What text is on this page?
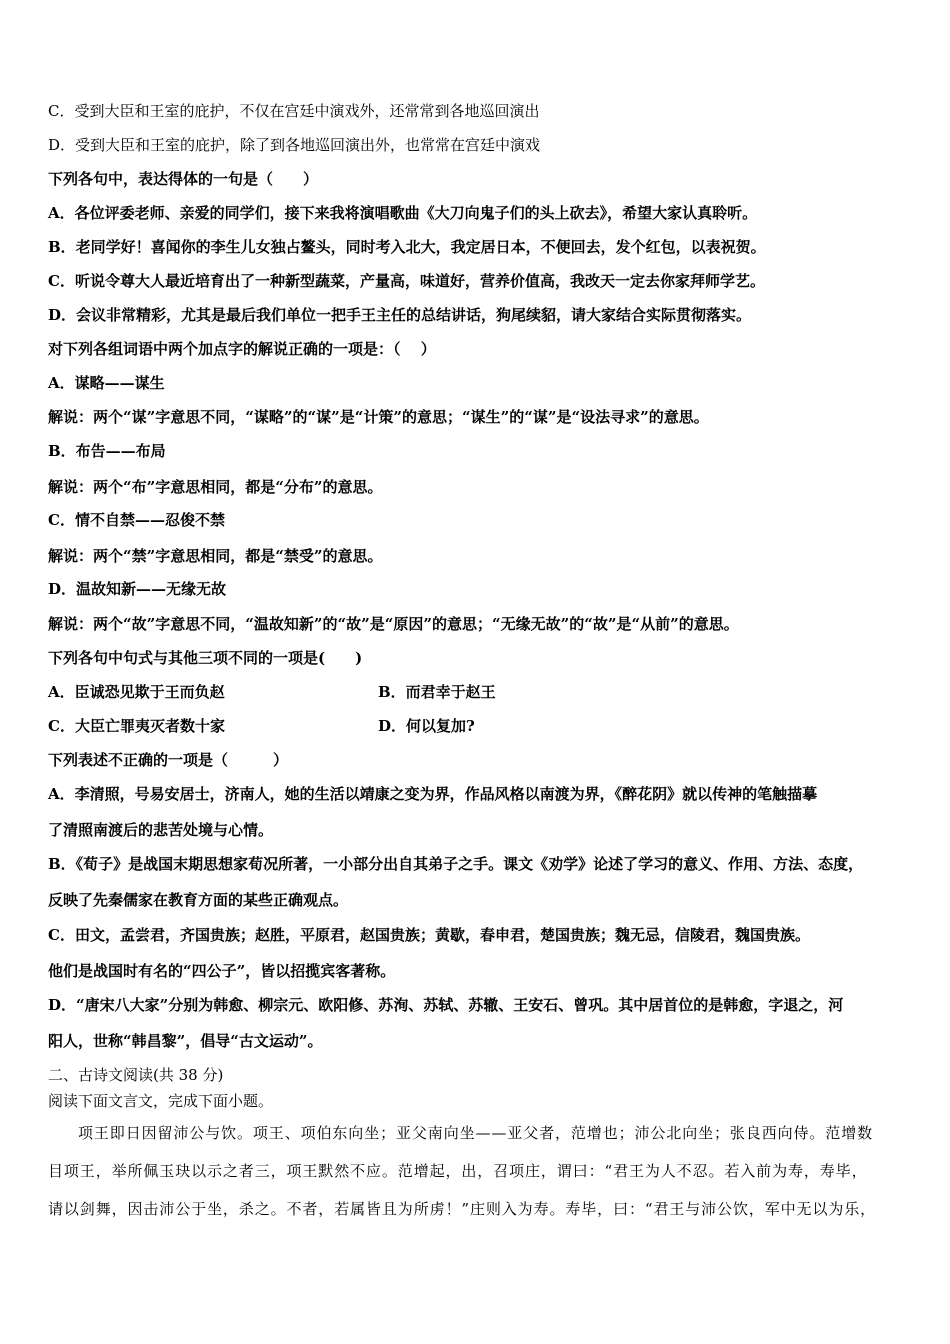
C．受到大臣和王室的庇护，不仅在宫廷中演戏外，还常常到各地巡回演出
D．受到大臣和王室的庇护，除了到各地巡回演出外，也常常在宫廷中演戏
下列各句中，表达得体的一句是（　　）
A．各位评委老师、亲爱的同学们，接下来我将演唱歌曲《大刀向鬼子们的头上砍去》，希望大家认真聆听。
B．老同学好！喜闻你的李生儿女独占鳌头，同时考入北大，我定居日本，不便回去，发个红包，以表祝贺。
C．听说令尊大人最近培育出了一种新型蔬菜，产量高，味道好，营养价值高，我改天一定去你家拜师学艺。
D．会议非常精彩，尤其是最后我们单位一把手王主任的总结讲话，狗尾续貂，请大家结合实际贯彻落实。
对下列各组词语中两个加点字的解说正确的一项是：（　 ）
A．谋略——谋生
解说：两个“谋”字意思不同，“谋略”的“谋”是“计策”的意思；“谋生”的“谋”是“设法寻求”的意思。
B．布告——布局
解说：两个“布”字意思相同，都是“分布”的意思。
C．情不自禁——忍俊不禁
解说：两个“禁”字意思相同，都是“禁受”的意思。
D．温故知新——无缘无故
解说：两个“故”字意思不同，“温故知新”的“故”是“原因”的意思；“无缘无故”的“故”是“从前”的意思。
下列各句中句式与其他三项不同的一项是(　　)
A．臣诚恐见欺于王而负赵	B．而君幸于赵王
C．大臣亡罪夷灭者数十家	D．何以复加?
下列表述不正确的一项是（　　　）
A．李清照，号易安居士，济南人，她的生活以靖康之变为界，作品风格以南渡为界，《醉花阴》就以传神的笔触描摹
了清照南渡后的悲苦处境与心情。
B．《荀子》是战国末期思想家荀况所著，一小部分出自其弟子之手。课文《劝学》论述了学习的意义、作用、方法、态度，
反映了先秦儒家在教育方面的某些正确观点。
C．田文，孟尝君，齐国贵族；赵胜，平原君，赵国贵族；黄歇，春申君，楚国贵族；魏无忌，信陵君，魏国贵族。
他们是战国时有名的“四公子”，皆以招揽宾客著称。
D．“唐宋八大家”分别为韩愈、柳宗元、欧阳修、苏洵、苏轼、苏辙、王安石、曾巩。其中居首位的是韩愈，字退之，河
阳人，世称“韩昌黎”，倡导“古文运动”。
二、古诗文阅读(共 38 分)
阅读下面文言文，完成下面小题。
项王即日因留沛公与饮。项王、项伯东向坐；亚父南向坐——亚父者，范增也；沛公北向坐；张良西向侍。范增数
目项王，举所佩玉玦以示之者三，项王默然不应。范增起，出，召项庄，谓曰：“君王为人不忍。若入前为寿，寿毕，
请以剑舞，因击沛公于坐，杀之。不者，若属皆且为所虏！”庄则入为寿。寿毕，曰：“君王与沛公饮，军中无以为乐，
